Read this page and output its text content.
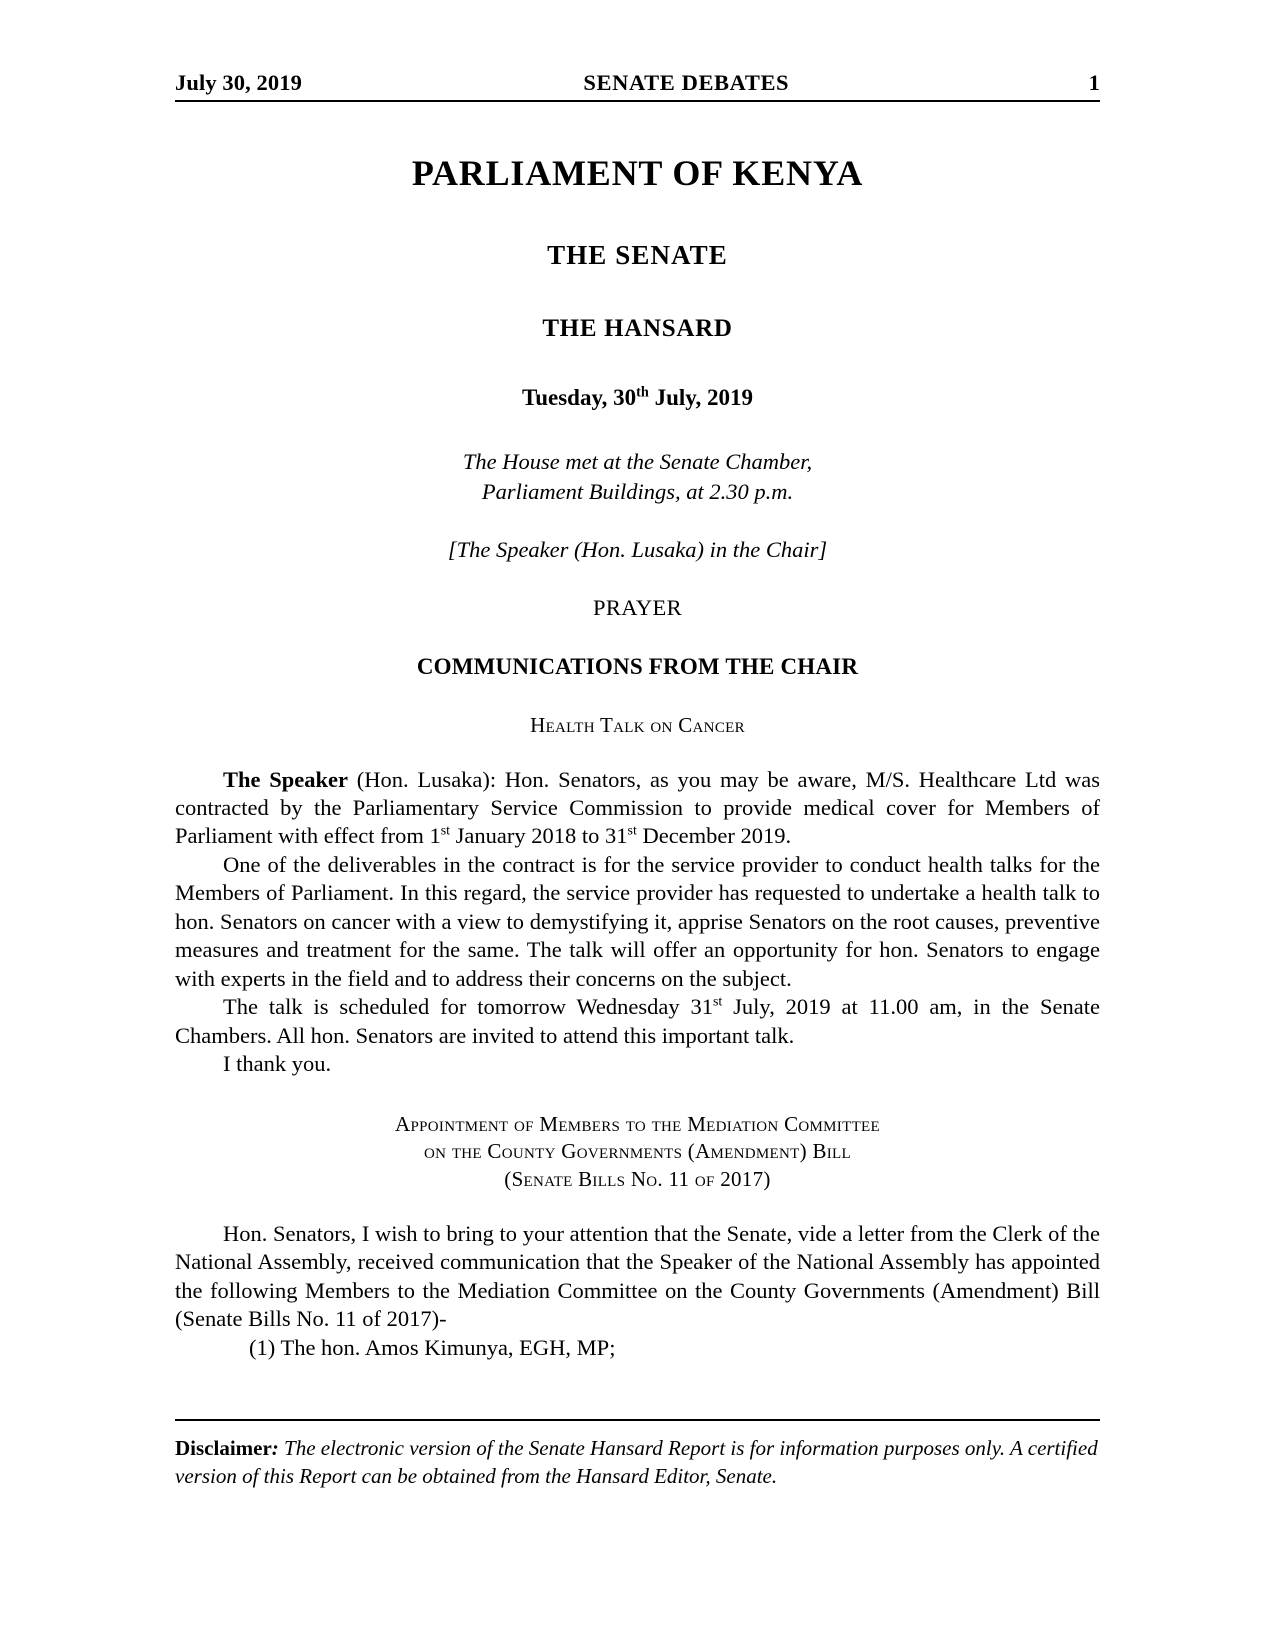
July 30, 2019	SENATE DEBATES	1
PARLIAMENT OF KENYA
THE SENATE
THE HANSARD
Tuesday, 30th July, 2019
The House met at the Senate Chamber,
Parliament Buildings, at 2.30 p.m.
[The Speaker (Hon. Lusaka) in the Chair]
PRAYER
COMMUNICATIONS FROM THE CHAIR
Health Talk on Cancer

The Speaker (Hon. Lusaka): Hon. Senators, as you may be aware, M/S. Healthcare Ltd was contracted by the Parliamentary Service Commission to provide medical cover for Members of Parliament with effect from 1st January 2018 to 31st December 2019.

One of the deliverables in the contract is for the service provider to conduct health talks for the Members of Parliament. In this regard, the service provider has requested to undertake a health talk to hon. Senators on cancer with a view to demystifying it, apprise Senators on the root causes, preventive measures and treatment for the same. The talk will offer an opportunity for hon. Senators to engage with experts in the field and to address their concerns on the subject.

The talk is scheduled for tomorrow Wednesday 31st July, 2019 at 11.00 am, in the Senate Chambers. All hon. Senators are invited to attend this important talk.

I thank you.

Appointment of Members to the Mediation Committee
on the County Governments (Amendment) Bill
(Senate Bills No. 11 of 2017)

Hon. Senators, I wish to bring to your attention that the Senate, vide a letter from the Clerk of the National Assembly, received communication that the Speaker of the National Assembly has appointed the following Members to the Mediation Committee on the County Governments (Amendment) Bill (Senate Bills No. 11 of 2017)-

(1) The hon. Amos Kimunya, EGH, MP;

Disclaimer: The electronic version of the Senate Hansard Report is for information purposes only. A certified version of this Report can be obtained from the Hansard Editor, Senate.
